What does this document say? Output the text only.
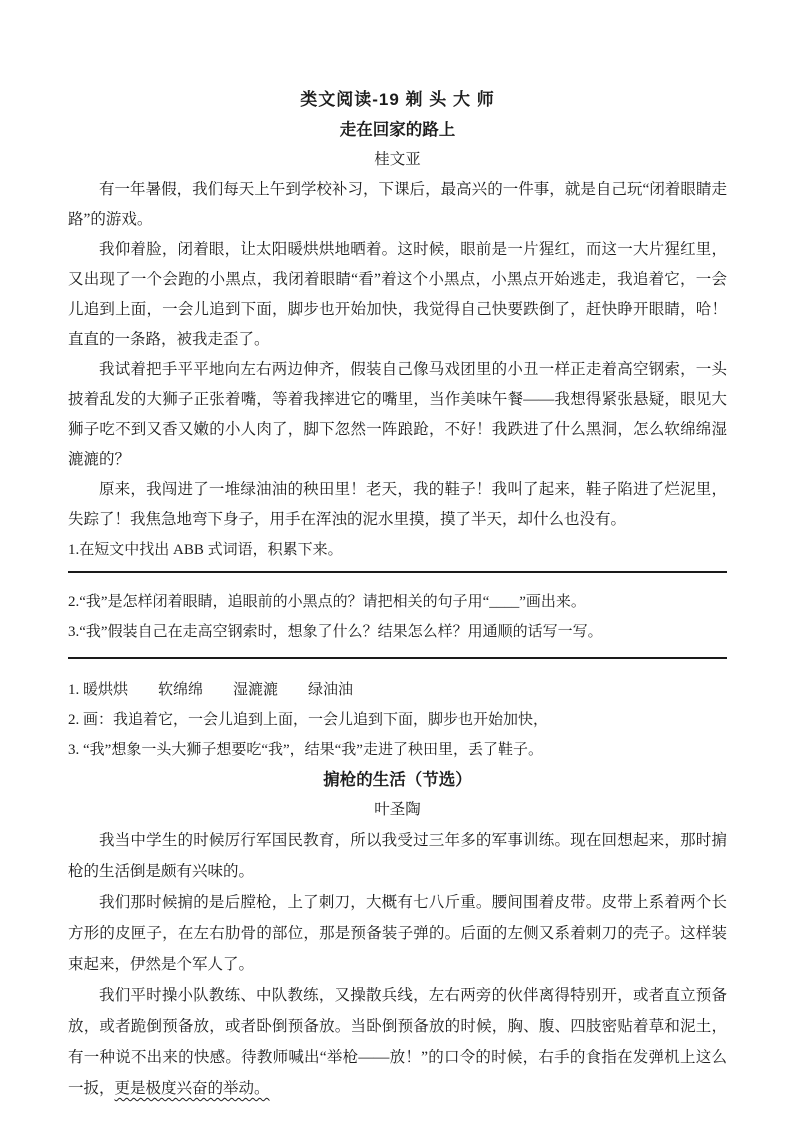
类文阅读-19 剃 头 大 师
走在回家的路上
桂文亚

有一年暑假，我们每天上午到学校补习，下课后，最高兴的一件事，就是自己玩“闭着眼睛走路”的游戏。

我仰着脸，闭着眼，让太阳暖烘烘地晒着。这时候，眼前是一片猩红，而这一大片猩红里，又出现了一个会跑的小黑点，我闭着眼睛“看”着这个小黑点，小黑点开始逃走，我追着它，一会儿追到上面，一会儿追到下面，脚步也开始加快，我觉得自己快要跌倒了，赶快睁开眼睛，哈！直直的一条路，被我走歪了。

我试着把手平平地向左右两边伸齐，假装自己像马戏团里的小丑一样正走着高空钢索，一头披着乱发的大狮子正张着嘴，等着我摔进它的嘴里，当作美味午餐——我想得紧张悬疑，眼见大狮子吃不到又香又嫩的小人肉了，脚下忽然一阵踉跄，不好！我跌进了什么黑洞，怎么软绵绵湿漉漉的？

原来，我闯进了一堆绿油油的秧田里！老天，我的鞋子！我叫了起来，鞋子陷进了烂泥里，失踪了！我焦急地弯下身子，用手在浑浊的泥水里摸，摸了半天，却什么也没有。

1.在短文中找出 ABB 式词语，积累下来。

2.“我”是怎样闭着眼睛，追眼前的小黑点的？请把相关的句子用“____”画出来。

3.“我”假装自己在走高空钢索时，想象了什么？结果怎么样？用通顺的话写一写。

1. 暖烘烘　　软绵绵　　湿漉漉　　绿油油

2. 画：我追着它，一会儿追到上面，一会儿追到下面，脚步也开始加快，

3. “我”想象一头大狮子想要吃“我”，结果“我”走进了秧田里，丢了鞋子。

掮枪的生活（节选）
叶圣陶

我当中学生的时候厉行军国民教育，所以我受过三年多的军事训练。现在回想起来，那时掮枪的生活倒是颇有兴味的。

我们那时候掮的是后膛枪，上了刺刀，大概有七八斤重。腰间围着皮带。皮带上系着两个长方形的皮匣子，在左右肋骨的部位，那是预备装子弹的。后面的左侧又系着刺刀的壳子。这样装束起来，伊然是个军人了。

我们平时操小队教练、中队教练，又操散兵线，左右两旁的伙伴离得特别开，或者直立预备放，或者跪倒预备放，或者卧倒预备放。当卧倒预备放的时候，胸、腹、四肢密贴着草和泥土，有一种说不出来的快感。待教师喊出“举枪——放！”的口令的时候，右手的食指在发弹机上这么一扳，更是极度兴奋的举动。
